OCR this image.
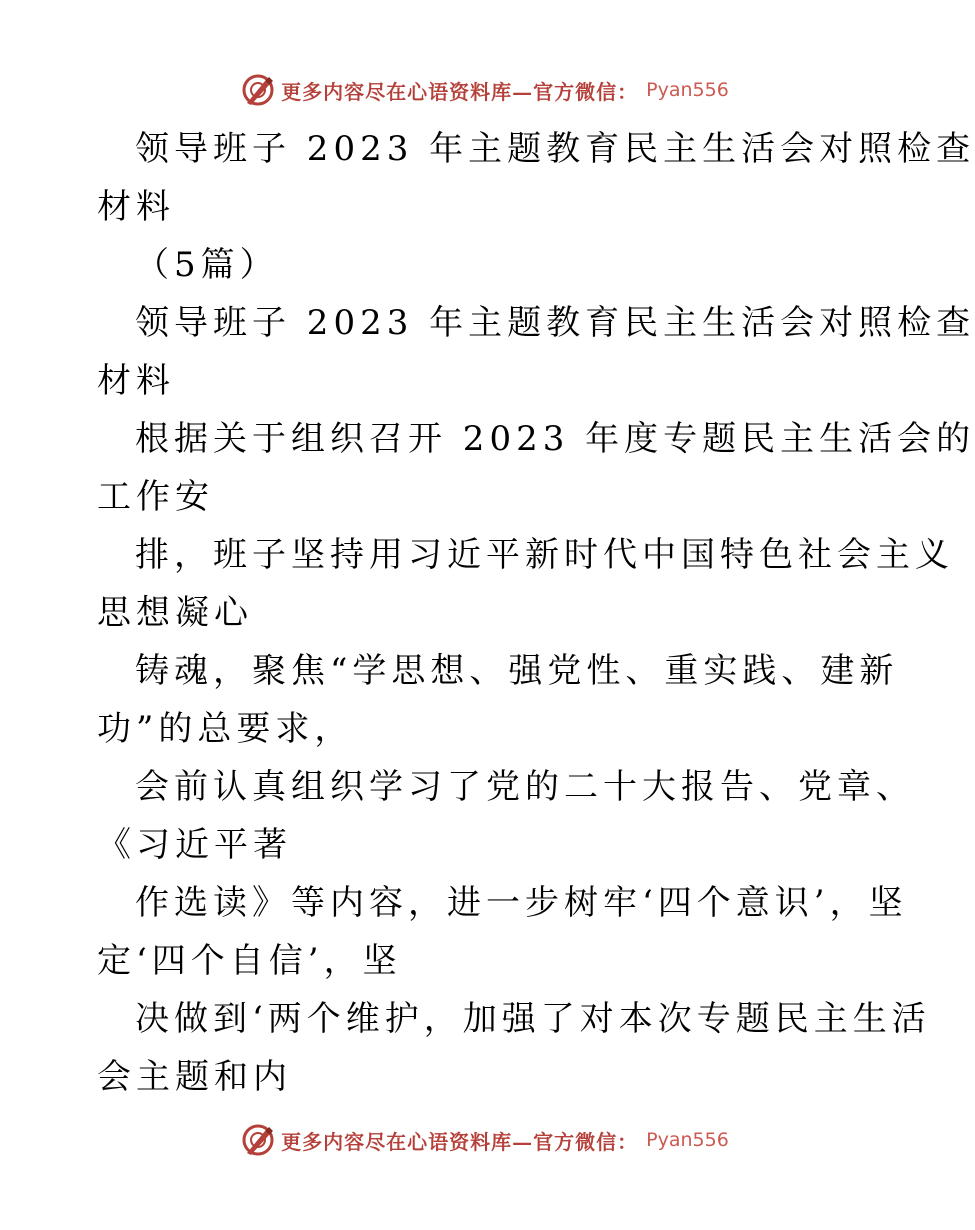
更多内容尽在心语资料库—官方微信： Pyan556
领导班子 2023 年主题教育民主生活会对照检查
材料
（5篇）
领导班子 2023 年主题教育民主生活会对照检查
材料
根据关于组织召开 2023 年度专题民主生活会的
工作安
排，班子坚持用习近平新时代中国特色社会主义
思想凝心
铸魂，聚焦“学思想、强党性、重实践、建新
功”的总要求，
会前认真组织学习了党的二十大报告、党章、
《习近平著
作选读》等内容，进一步树牢‘四个意识’，坚
定‘四个自信’，坚
决做到‘两个维护，加强了对本次专题民主生活
会主题和内
更多内容尽在心语资料库—官方微信： Pyan556
